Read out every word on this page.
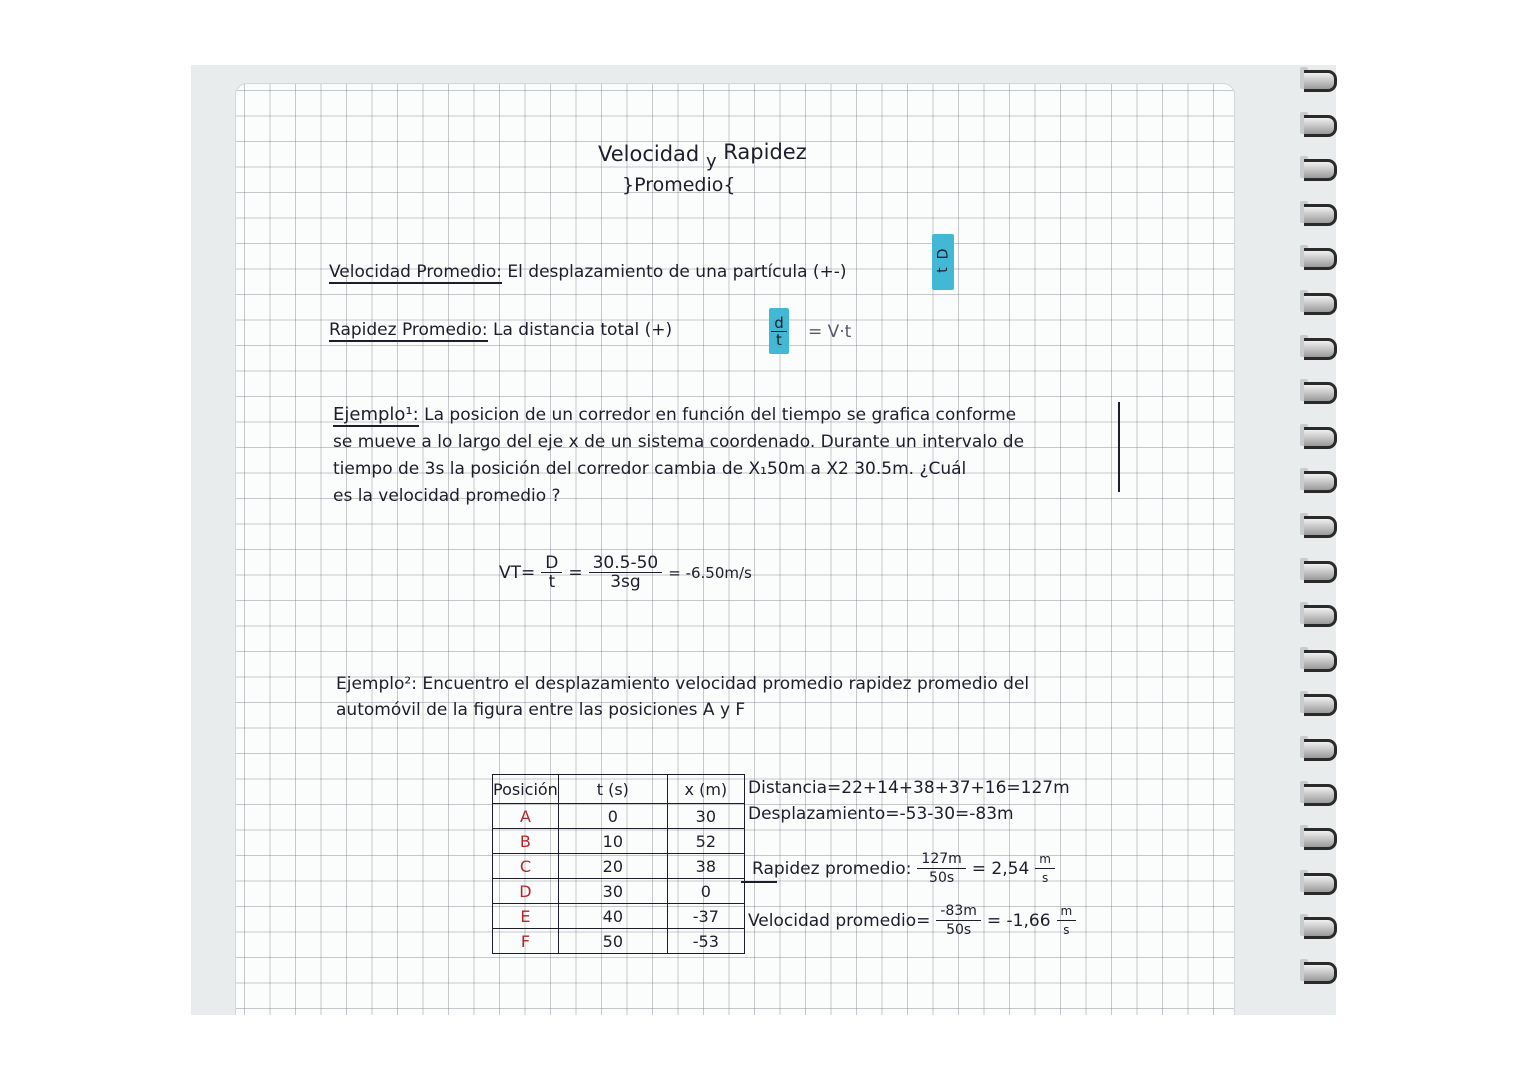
Velocidad y Rapidez
}Promedio{
Velocidad Promedio: El desplazamiento de una partícula (+-)
D
t
Rapidez Promedio: La distancia total (+)	$\frac{d}{t} = V\cdot t$
Ejemplo¹: La posicion de un corredor en función del tiempo se grafica conforme
se mueve a lo largo del eje x de un sistema coordenado. Durante un intervalo de
tiempo de 3s la posición del corredor cambia de X₁50m a X2 30.5m. ¿Cuál
es la velocidad promedio ?
$VT= \frac{D}{t} = \frac{30.5-50}{3sg} = -6.50m/s$
Ejemplo²: Encuentro el desplazamiento velocidad promedio rapidez promedio del
automóvil de la figura entre las posiciones A y F
Posición	t (s)	x (m)
A	0	30
B	10	52
C	20	38
D	30	0
E	40	-37
F	50	-53
Distancia=22+14+38+37+16=127m
Desplazamiento=-53-30=-83m
Rapidez promedio: $\frac{127m}{50s} = 2,54 \frac{m}{s}$
Velocidad promedio= $\frac{-83m}{50s} = -1,66 \frac{m}{s}$
